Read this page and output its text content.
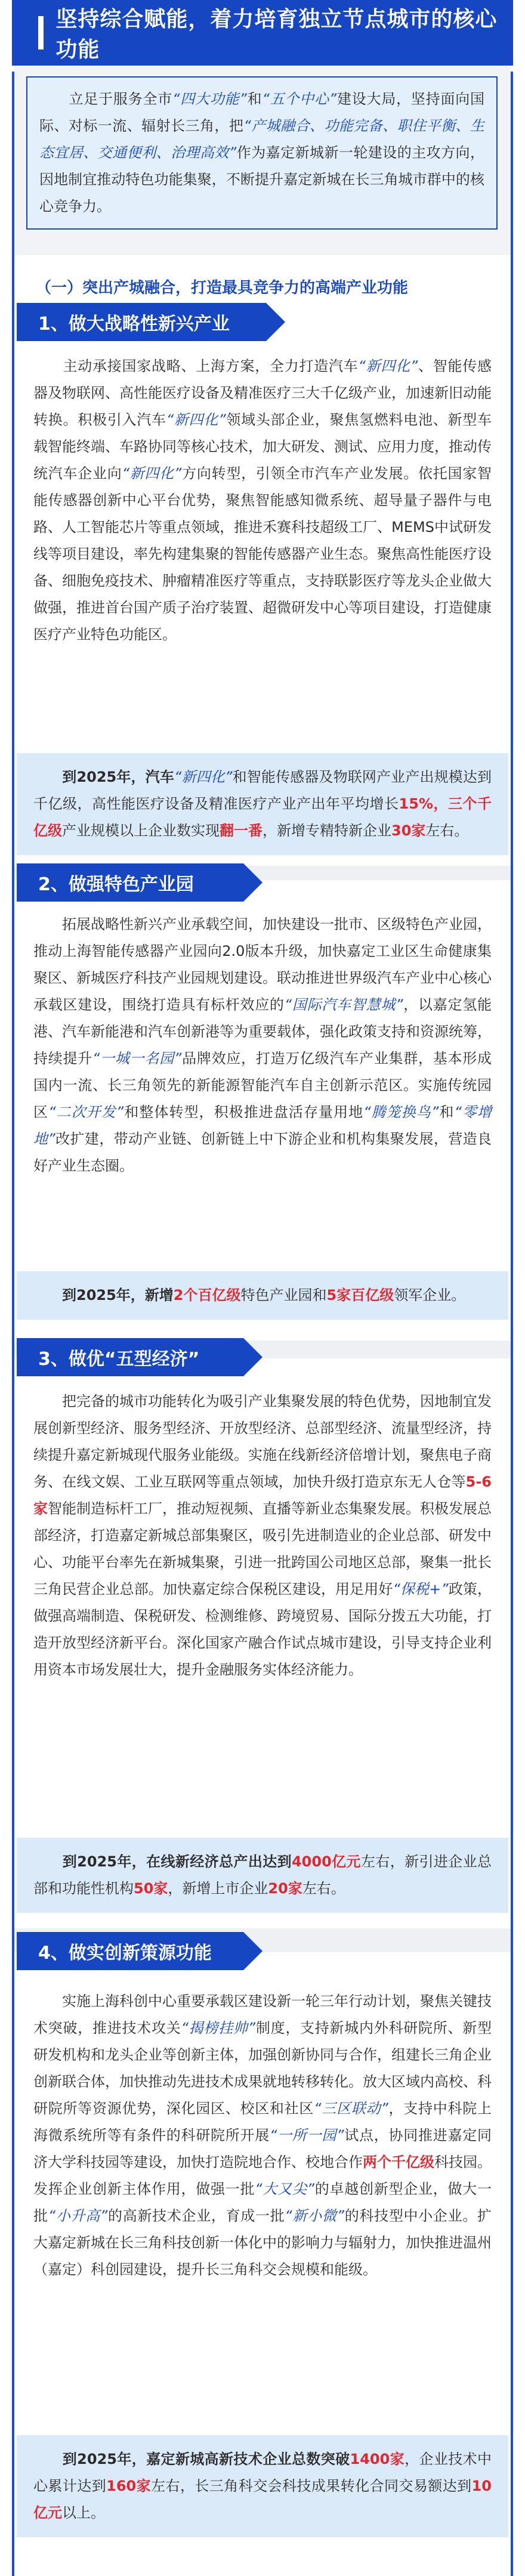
坚持综合赋能，着力培育独立节点城市的核心功能
　　立足于服务全市“四大功能”和“五个中心”建设大局，坚持面向国际、对标一流、辐射长三角，把“产城融合、功能完备、职住平衡、生态宜居、交通便利、治理高效”作为嘉定新城新一轮建设的主攻方向，因地制宜推动特色功能集聚，不断提升嘉定新城在长三角城市群中的核心竞争力。
（一）突出产城融合，打造最具竞争力的高端产业功能
1、做大战略性新兴产业
　　主动承接国家战略、上海方案，全力打造汽车“新四化”、智能传感器及物联网、高性能医疗设备及精准医疗三大千亿级产业，加速新旧动能转换。积极引入汽车“新四化”领域头部企业，聚焦氢燃料电池、新型车载智能终端、车路协同等核心技术，加大研发、测试、应用力度，推动传统汽车企业向“新四化”方向转型，引领全市汽车产业发展。依托国家智能传感器创新中心平台优势，聚焦智能感知微系统、超导量子器件与电路、人工智能芯片等重点领域，推进禾赛科技超级工厂、MEMS中试研发线等项目建设，率先构建集聚的智能传感器产业生态。聚焦高性能医疗设备、细胞免疫技术、肿瘤精准医疗等重点，支持联影医疗等龙头企业做大做强，推进首台国产质子治疗装置、超微研发中心等项目建设，打造健康医疗产业特色功能区。
　　到2025年，汽车“新四化”和智能传感器及物联网产业产出规模达到千亿级，高性能医疗设备及精准医疗产业产出年平均增长15%，三个千亿级产业规模以上企业数实现翻一番，新增专精特新企业30家左右。
2、做强特色产业园
　　拓展战略性新兴产业承载空间，加快建设一批市、区级特色产业园，推动上海智能传感器产业园向2.0版本升级，加快嘉定工业区生命健康集聚区、新城医疗科技产业园规划建设。联动推进世界级汽车产业中心核心承载区建设，围绕打造具有标杆效应的“国际汽车智慧城”，以嘉定氢能港、汽车新能港和汽车创新港等为重要载体，强化政策支持和资源统筹，持续提升“一城一名园”品牌效应，打造万亿级汽车产业集群，基本形成国内一流、长三角领先的新能源智能汽车自主创新示范区。实施传统园区“二次开发”和整体转型，积极推进盘活存量用地“腾笼换鸟”和“零增地”改扩建，带动产业链、创新链上中下游企业和机构集聚发展，营造良好产业生态圈。
　　到2025年，新增2个百亿级特色产业园和5家百亿级领军企业。
3、做优“五型经济”
　　把完备的城市功能转化为吸引产业集聚发展的特色优势，因地制宜发展创新型经济、服务型经济、开放型经济、总部型经济、流量型经济，持续提升嘉定新城现代服务业能级。实施在线新经济倍增计划，聚焦电子商务、在线文娱、工业互联网等重点领域，加快升级打造京东无人仓等5-6家智能制造标杆工厂，推动短视频、直播等新业态集聚发展。积极发展总部经济，打造嘉定新城总部集聚区，吸引先进制造业的企业总部、研发中心、功能平台率先在新城集聚，引进一批跨国公司地区总部，聚集一批长三角民营企业总部。加快嘉定综合保税区建设，用足用好“保税+”政策，做强高端制造、保税研发、检测维修、跨境贸易、国际分拨五大功能，打造开放型经济新平台。深化国家产融合作试点城市建设，引导支持企业利用资本市场发展壮大，提升金融服务实体经济能力。
　　到2025年，在线新经济总产出达到4000亿元左右，新引进企业总部和功能性机构50家，新增上市企业20家左右。
4、做实创新策源功能
　　实施上海科创中心重要承载区建设新一轮三年行动计划，聚焦关键技术突破，推进技术攻关“揭榜挂帅”制度，支持新城内外科研院所、新型研发机构和龙头企业等创新主体，加强创新协同与合作，组建长三角企业创新联合体，加快推动先进技术成果就地转移转化。放大区域内高校、科研院所等资源优势，深化园区、校区和社区“三区联动”，支持中科院上海微系统所等有条件的科研院所开展“一所一园”试点，协同推进嘉定同济大学科技园等建设，加快打造院地合作、校地合作两个千亿级科技园。发挥企业创新主体作用，做强一批“大又尖”的卓越创新型企业，做大一批“小升高”的高新技术企业，育成一批“新小微”的科技型中小企业。扩大嘉定新城在长三角科技创新一体化中的影响力与辐射力，加快推进温州（嘉定）科创园建设，提升长三角科交会规模和能级。
　　到2025年，嘉定新城高新技术企业总数突破1400家，企业技术中心累计达到160家左右，长三角科交会科技成果转化合同交易额达到10亿元以上。
